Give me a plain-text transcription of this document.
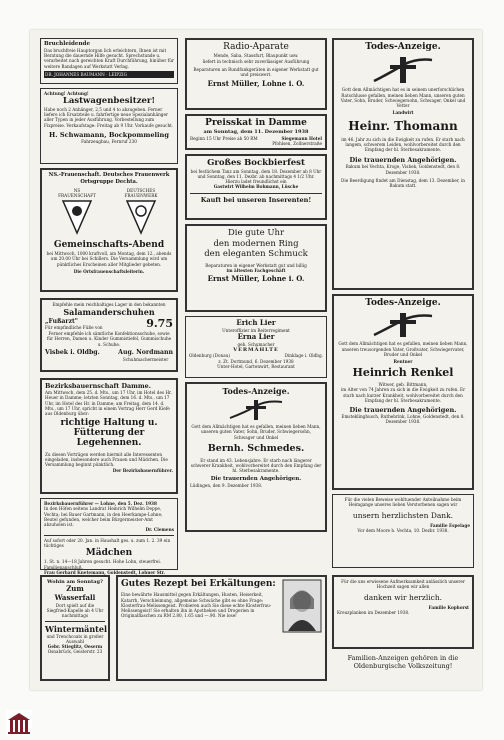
Bruchleidende
Das bruchfreie Hauptorgan lich erleichtern, Ihnen ist mit Beratung die dauernde Hilfe gesucht. Sprechstunde u. verarbeitet nach gereichten Kraft Durchführung, hinüber für weitere Bandagen auf Werkstatt Verlag.
DR. JOHANNES BAUMANN · LEIPZIG
Achtung! Achtung!
Lastwagenbesitzer!
Habe noch 2 Anhänger, 2,5 und 4 to abzugeben. Ferner liefere ich Ersatzteile u. fahrfertige neue Spezialanhänger aller Typen in jeder Ausführung. Vorbestellung zum Fixpreise. Verkaufstage: Freitag ab 9 Uhr. Vorkaufe gesucht.
H. Schwamann, Bockpommeling
Fahrzeugbau, Fernruf 230
NS.-Frauenschaft. Deutsches Frauenwerk Ortsgruppe Dechta.
NS FRAUENSCHAFT
DEUTSCHES FRAUENWERK
Gemeinschafts-Abend
bei Mittwoch, 1000 kraftvoll, am Montag, dem 12., abends um 20.00 Uhr bei Schillers. Die Versammlung wird um pünktliches Erscheinen aller Mitglieder gebeten.
Die Ortsfrauenschaftsleiterin.
Empfehle mein reichhaltiges Lager in den bekannten
Salamanderschuhen
„Fußarzt"
Für empfindliche Füße von	9.75
Ferner empfehle ich sämtliche Konfektionsschuhe, sowie für Herren, Damen u. Kinder Gummistiefel, Gummischuhe u. Schuhe.
Visbek i. Oldbg.	Aug. Nordmann
Schuhmachermeister
Bezirksbauernschaft Damme.
Am Mittwoch, dem 25. d. Mts., um 17 Uhr, im Hotel des Hr. Heuer in Damme; letzten Sonntag, dem 16. d. Mts., um 17 Uhr, im Hotel des Hr. in Damme; am Freitag, dem 14. d. Mts., um 17 Uhr, spricht in einem Vortrag Herr Gerd Kiefe aus Oldenburg über:
richtige Haltung u. Fütterung der Legehennen.
Zu diesen Vorträgen werden hiermit alle Interessenten eingeladen, insbesondere auch Frauen und Mädchen. Die Versammlung beginnt pünktlich.
Der Bezirksbauernführer.
Bezirksbauernführer — Lohne, den 5. Dez. 1938
In den Höfen seitens Landrat Heinrich Wilhelm Deppe, Vechta; bei Bauer Gartmann, in den Heerkampe-Lohne; Beutel gefunden, welcher beim Bürgermeister-Amt abzuholen ist.
Dr. Clemens
Auf sofort oder 20. Jan. in Haushalt ges. u. zum 1. 2. 39 ein tüchtiges
Mädchen
1. St. n. 14—18 Jahren gesucht. Hohe Lohn, steuerfrei. Familienanschluß.
Frau Gerhard Knetemann, Goldenstedt, Lohner Str.
Wohin am Sonntag?
Zum Wasserfall
Dort spielt auf die Siegfried-Kapelle ab 4 Uhr nachmittags
Wintermäntel
und Trenchcoats in großer Auswahl
Gebr. Stieglitz, Oeserm
Osnabrück, Geisterstr. 23
Radio-Aparate
Mende, Saba, Stassfurt, Blaupunkt usw.
liefert in technisch sehr zuverlässiger Ausführung
Reparaturen an Rundfunkgeräten in eigener Werkstatt gut und preiswert.
Ernst Müller, Lohne i. O.
Preisskat in Damme
am Sonntag, dem 11. Dezember 1938
Beginn 15 Uhr Preise ab 50 RM	Siegemann Hotel
Pfohlsen, Zollnerstraße
Großes Bockbierfest
bei festlichem Tanz am Sonntag, dem 18. Dezember ab 8 Uhr und Sonntag, den 11. Dezbr. ab nachmittags 4 1/2 Uhr. Hierzu ladet freundlichst ein
Gastwirt Wilhelm Bohmann, Lüsche
Kauft bei unseren Inserenten!
Die gute Uhr
den modernen Ring
den eleganten Schmuck
Reparaturen in eigener Werkstatt gut und billig
im ältesten Fachgeschäft
Ernst Müller, Lohne i. O.
Erich Lier
Unteroffizier im Reiterregiment
Erna Lier
geb. Schumacher
VERMÄHLTE
Oldenburg (Donau)	Dinklage i. Oldbg.
z. Zt. Dortmund, 6. Dezember 1938
Unter-Hotel, Gartenwirt, Restaurant
Todes-Anzeige.
Gott dem Allmächtigen hat es gefallen, meinen lieben Mann, unseren guten Vater, Sohn, Bruder, Schwiegersohn, Schwager und Onkel
Bernh. Schmedes.
Er stand im 43. Lebensjahre. Er starb nach längerer schwerer Krankheit, wohlvorbereitet durch den Empfang der hl. Sterbesakramente.
Die trauernden Angehörigen.
Lüdingen, den 9. Dezember 1938.
Gutes Rezept bei Erkältungen:
Eine bewährte Hausmittel gegen Erkältungen, Husten, Heiserkeit, Katarrh, Verschleimung, allgemeine Schwäche gibt es ohne Frage: Klosterfrau-Melissengeist. Probieren auch Sie diese echte Klosterfrau-Melissengeist! Sie erhalten ihn in Apotheken und Drogerien in Originalflaschen zu RM 2.80, 1.65 und —.90. Nie lose!
Todes-Anzeige.
Gott dem Allmächtigen hat es in seinem unerforschlichen Ratschlusse gefallen, meinen lieben Mann, unseren guten Vater, Sohn, Bruder, Schwiegersohn, Schwager, Onkel und Vetter
Landwirt
Heinr. Thomann
im 46. Jahr zu sich in die Ewigkeit zu rufen. Er starb nach langem, schwerem Leiden, wohlvorbereitet durch den Empfang der hl. Sterbesakramente.
Die trauernden Angehörigen.
Bakum bei Vechta, Kroge, Visbek, Goldenstedt, den 8. Dezember 1938.
Die Beerdigung findet am Dienstag, dem 13. Dezember, in Bakum statt.
Todes-Anzeige.
Gott dem Allmächtigen hat es gefallen, meinen lieben Mann, unseren treusorgenden Vater, Großvater, Schwiegervater, Bruder und Onkel
Rentner
Heinrich Renkel
Witwer, geb. Bittmann,
im Alter von 74 Jahren zu sich in die Ewigkeit zu rufen. Er starb nach kurzer Krankheit, wohlvorbereitet durch den Empfang der hl. Sterbesakramente.
Die trauernden Angehörigen.
Emsteklingbusch, Ruthebrink, Lohne, Goldenstedt, den 8. Dezember 1938.
Für die vielen Beweise wohltuender Anteilnahme beim Heimgange unseres lieben Verstorbenen sagen wir
unsern herzlichsten Dank.
Familie Espelage
Vor dem Moore b. Vechta, 10. Dezbr. 1938.
Für die uns erwiesene Aufmerksamkeit anlässlich unserer Hochzeit sagen wir allen
danken wir herzlich.
Familie Kophorst
Kreuzplanken im Dezember 1938.
Familien-Anzeigen gehören in die
Oldenburgische Volkszeitung!
